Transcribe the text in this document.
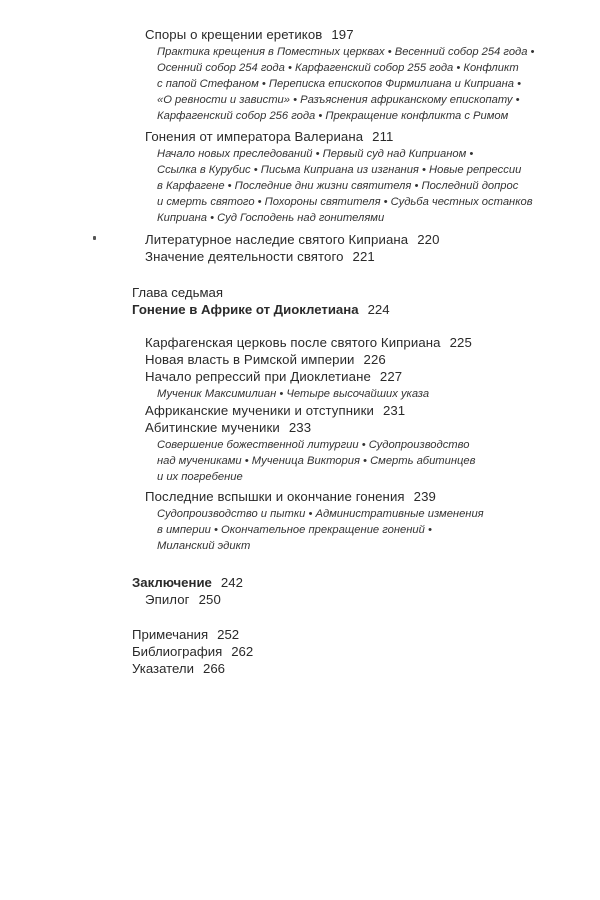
Споры о крещении еретиков 197
Практика крещения в Поместных церквах • Весенний собор 254 года •
Осенний собор 254 года • Карфагенский собор 255 года • Конфликт
с папой Стефаном • Переписка епископов Фирмилиана и Киприана •
«О ревности и зависти» • Разъяснения африканскому епископату •
Карфагенский собор 256 года • Прекращение конфликта с Римом
Гонения от императора Валериана 211
Начало новых преследований • Первый суд над Киприаном •
Ссылка в Курубис • Письма Киприана из изгнания • Новые репрессии
в Карфагене • Последние дни жизни святителя • Последний допрос
и смерть святого • Похороны святителя • Судьба честных останков
Киприана • Суд Господень над гонителями
Литературное наследие святого Киприана 220
Значение деятельности святого 221
Глава седьмая
Гонение в Африке от Диоклетиана 224
Карфагенская церковь после святого Киприана 225
Новая власть в Римской империи 226
Начало репрессий при Диоклетиане 227
Мученик Максимилиан • Четыре высочайших указа
Африканские мученики и отступники 231
Абитинские мученики 233
Совершение божественной литургии • Судопроизводство
над мучениками • Мученица Виктория • Смерть абитинцев
и их погребение
Последние вспышки и окончание гонения 239
Судопроизводство и пытки • Административные изменения
в империи • Окончательное прекращение гонений •
Миланский эдикт
Заключение 242
Эпилог 250
Примечания 252
Библиография 262
Указатели 266
